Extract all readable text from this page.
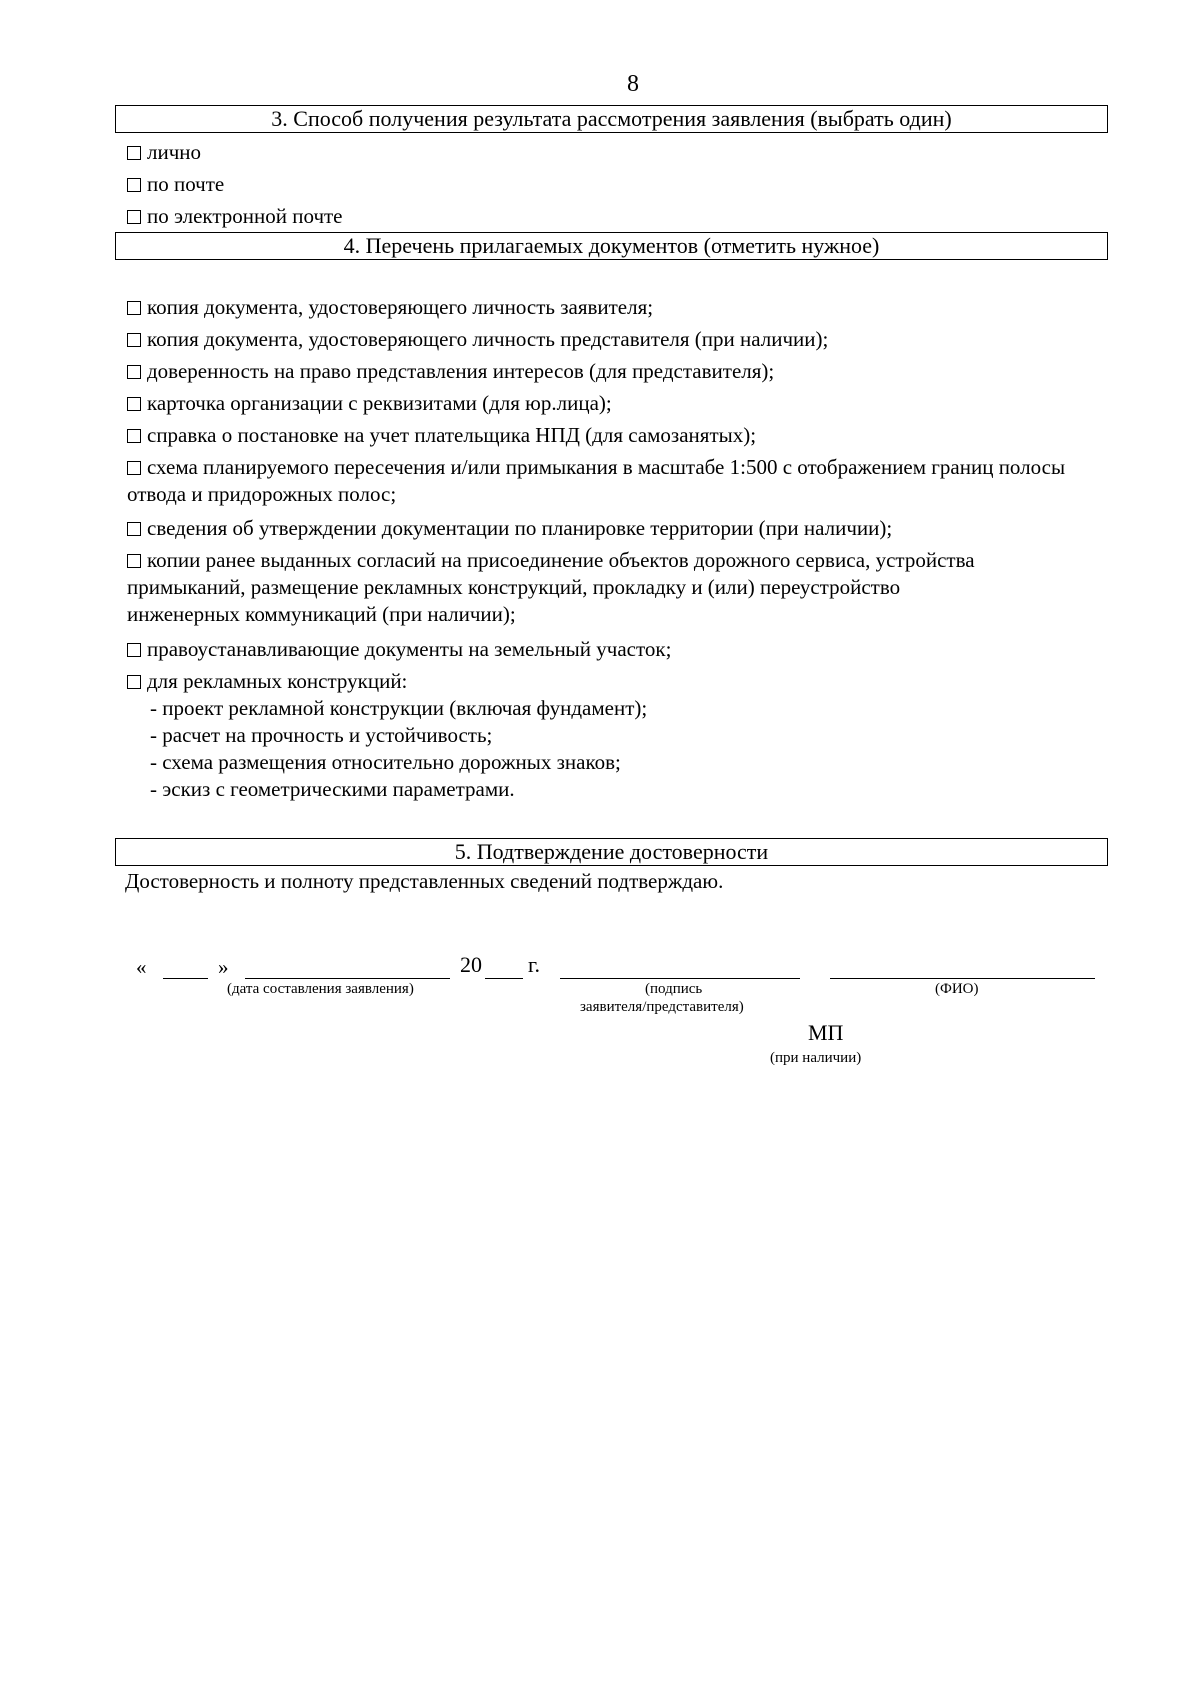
8
3. Способ получения результата рассмотрения заявления (выбрать один)
лично
по почте
по электронной почте
4. Перечень прилагаемых документов (отметить нужное)
копия документа, удостоверяющего личность заявителя;
копия документа, удостоверяющего личность представителя (при наличии);
доверенность на право представления интересов (для представителя);
карточка организации с реквизитами (для юр.лица);
справка о постановке на учет плательщика НПД (для самозанятых);
схема планируемого пересечения и/или примыкания в масштабе 1:500 с отображением границ полосы отвода и придорожных полос;
сведения об утверждении документации по планировке территории (при наличии);
копии ранее выданных согласий на присоединение объектов дорожного сервиса, устройства примыканий, размещение рекламных конструкций, прокладку и (или) переустройство инженерных коммуникаций (при наличии);
правоустанавливающие документы на земельный участок;
для рекламных конструкций:
- проект рекламной конструкции (включая фундамент);
- расчет на прочность и устойчивость;
- схема размещения относительно дорожных знаков;
- эскиз с геометрическими параметрами.
5. Подтверждение достоверности
Достоверность и полноту представленных сведений подтверждаю.
«	»	20 г.
(дата составления заявления)	(подпись
заявителя/представителя)
(ФИО)
МП
(при наличии)
